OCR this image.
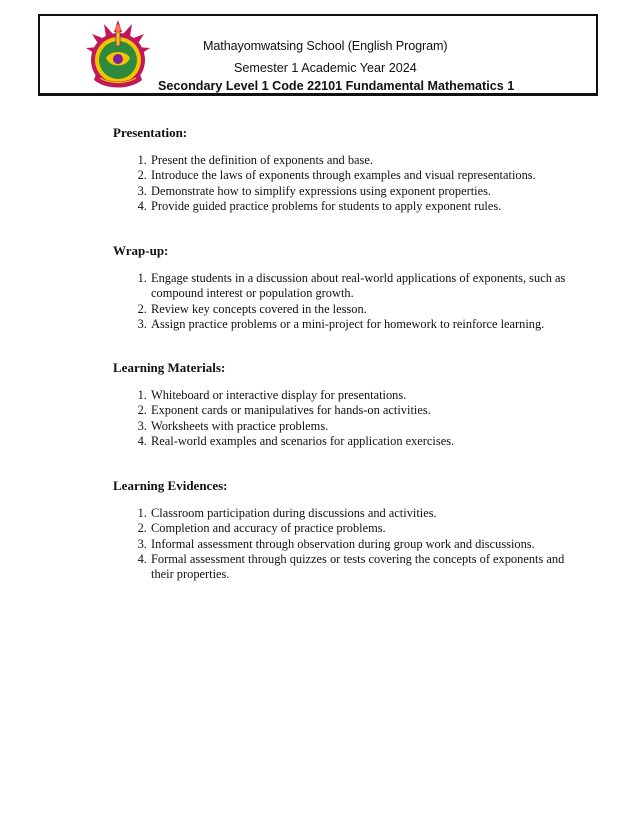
Mathayomwatsing School (English Program)
Semester 1 Academic Year 2024
Secondary Level 1 Code 22101 Fundamental Mathematics 1
Presentation:
1. Present the definition of exponents and base.
2. Introduce the laws of exponents through examples and visual representations.
3. Demonstrate how to simplify expressions using exponent properties.
4. Provide guided practice problems for students to apply exponent rules.
Wrap-up:
1. Engage students in a discussion about real-world applications of exponents, such as compound interest or population growth.
2. Review key concepts covered in the lesson.
3. Assign practice problems or a mini-project for homework to reinforce learning.
Learning Materials:
1. Whiteboard or interactive display for presentations.
2. Exponent cards or manipulatives for hands-on activities.
3. Worksheets with practice problems.
4. Real-world examples and scenarios for application exercises.
Learning Evidences:
1. Classroom participation during discussions and activities.
2. Completion and accuracy of practice problems.
3. Informal assessment through observation during group work and discussions.
4. Formal assessment through quizzes or tests covering the concepts of exponents and their properties.
